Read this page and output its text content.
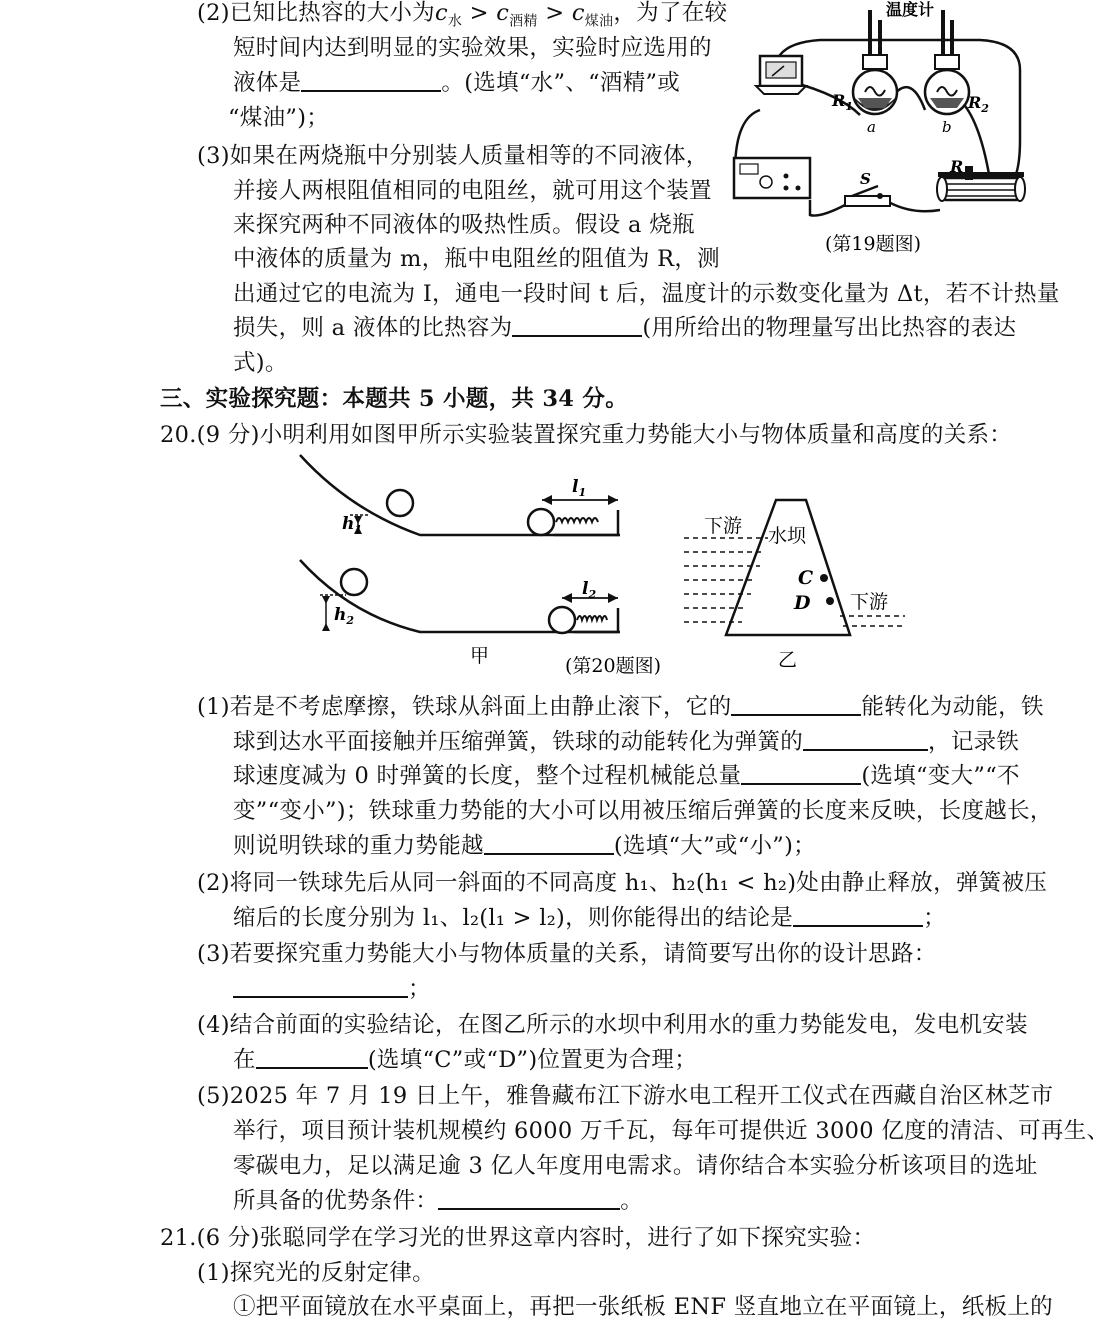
(2)已知比热容的大小为$c_水 > c_{酒精} > c_{煤油}$，为了在较
短时间内达到明显的实验效果，实验时应选用的
液体是	。(选填“水”、“酒精”或
“煤油”)；
(3)如果在两烧瓶中分别装人质量相等的不同液体，
并接人两根阻值相同的电阻丝，就可用这个装置
来探究两种不同液体的吸热性质。假设 a 烧瓶
中液体的质量为 m，瓶中电阻丝的阻值为 R，测
出通过它的电流为 I，通电一段时间 t 后，温度计的示数变化量为 Δt，若不计热量
损失，则 a 液体的比热容为	(用所给出的物理量写出比热容的表达
式)。
温度计
$R_1$	$R_2$
a	b
S
R
(第19题图)
三、实验探究题：本题共 5 小题，共 34 分。
20.(9 分)小明利用如图甲所示实验装置探究重力势能大小与物体质量和高度的关系：
$h_1$
$l_1$
$h_2$
$l_2$
甲	(第20题图)
下游 水坝
C
D 下游
乙
(1)若是不考虑摩擦，铁球从斜面上由静止滚下，它的	能转化为动能，铁
球到达水平面接触并压缩弹簧，铁球的动能转化为弹簧的	，记录铁
球速度减为 0 时弹簧的长度，整个过程机械能总量	(选填“变大”“不
变”“变小”)；铁球重力势能的大小可以用被压缩后弹簧的长度来反映，长度越长，
则说明铁球的重力势能越	(选填“大”或“小”)；
(2)将同一铁球先后从同一斜面的不同高度 h₁、h₂(h₁ < h₂)处由静止释放，弹簧被压
缩后的长度分别为 l₁、l₂(l₁ > l₂)，则你能得出的结论是	；
(3)若要探究重力势能大小与物体质量的关系，请简要写出你的设计思路：
；
(4)结合前面的实验结论，在图乙所示的水坝中利用水的重力势能发电，发电机安装
在	(选填“C”或“D”)位置更为合理；
(5)2025 年 7 月 19 日上午，雅鲁藏布江下游水电工程开工仪式在西藏自治区林芝市
举行，项目预计装机规模约 6000 万千瓦，每年可提供近 3000 亿度的清洁、可再生、
零碳电力，足以满足逾 3 亿人年度用电需求。请你结合本实验分析该项目的选址
所具备的优势条件：	。
21.(6 分)张聪同学在学习光的世界这章内容时，进行了如下探究实验：
(1)探究光的反射定律。
①把平面镜放在水平桌面上，再把一张纸板 ENF 竖直地立在平面镜上，纸板上的
